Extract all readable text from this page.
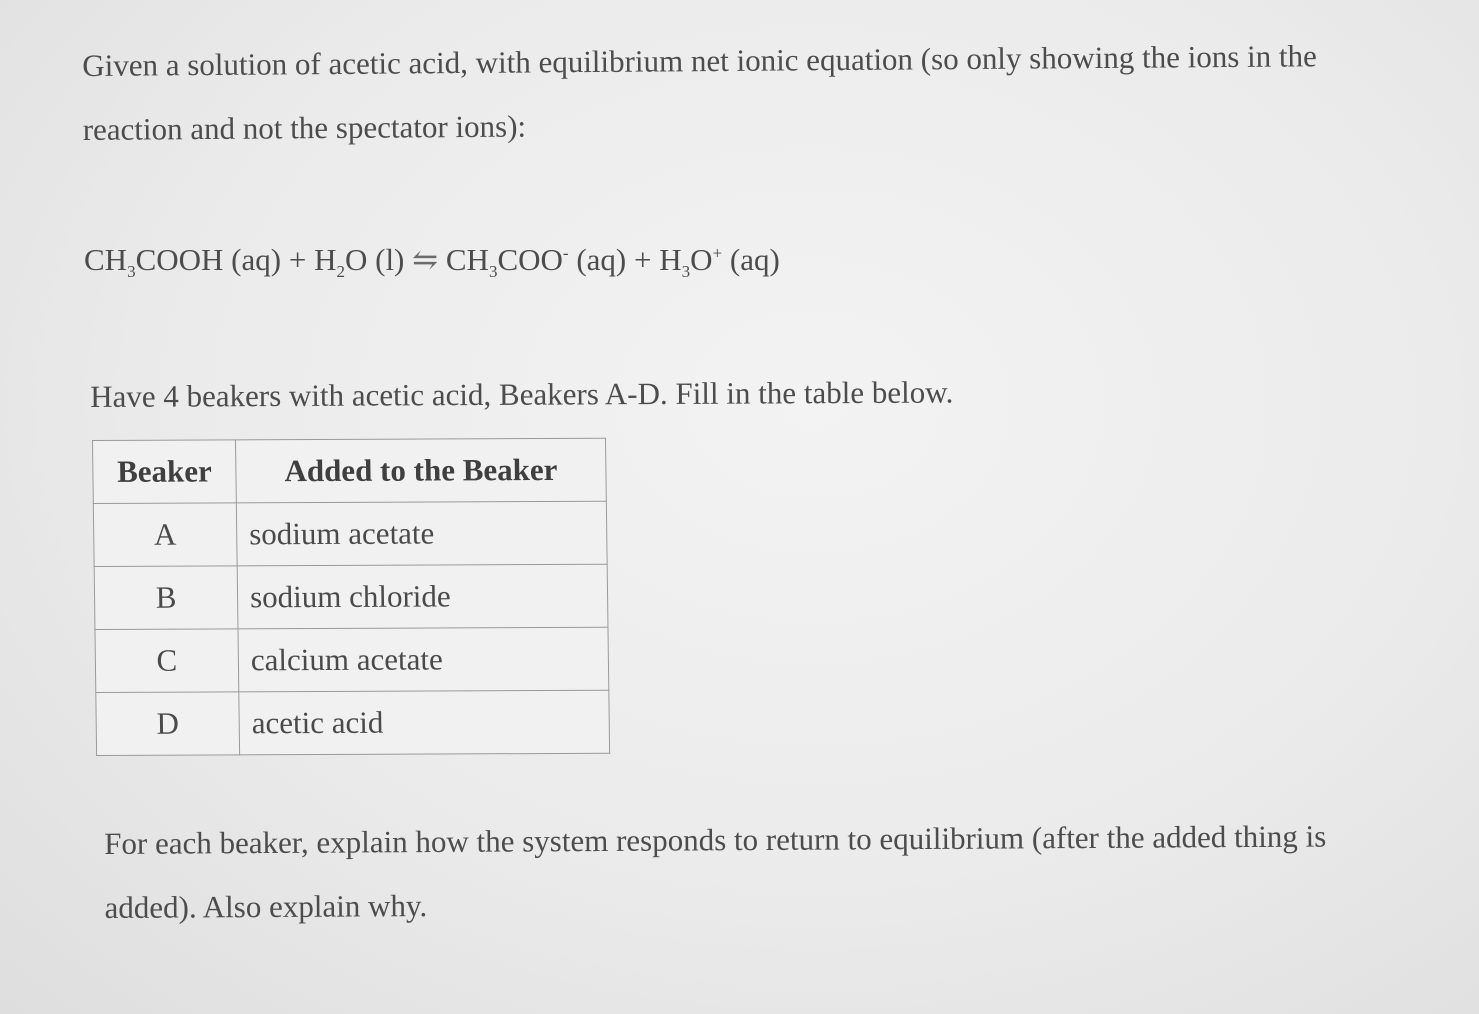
Given a solution of acetic acid, with equilibrium net ionic equation (so only showing the ions in the reaction and not the spectator ions):

$CH_3COOH$ $(aq) + H_2O$ (l) ⇋ $CH_3COO^-$ $(aq) + H_3O^+$ (aq)

Have 4 beakers with acetic acid, Beakers A-D. Fill in the table below.

Beaker	Added to the Beaker
A	sodium acetate
B	sodium chloride
C	calcium acetate
D	acetic acid

For each beaker, explain how the system responds to return to equilibrium (after the added thing is added). Also explain why.
